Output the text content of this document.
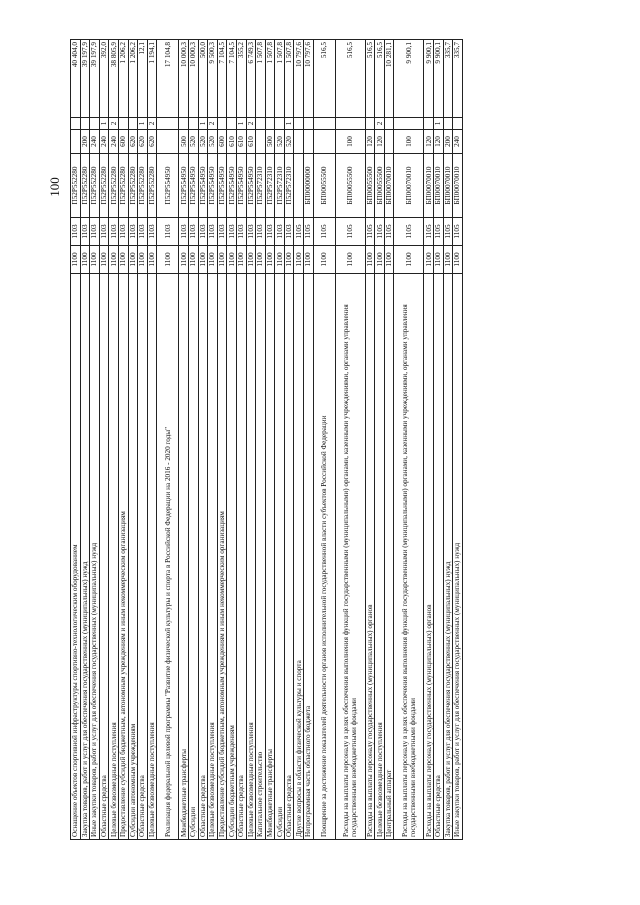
100
Оснащение объектов спортивной инфраструктуры спортивно-технологическим оборудованием	1100	1103	П52Р552280			40 404,0
Закупка товаров, работ и услуг для обеспечения государственных (муниципальных) нужд	1100	1103	П52Р552280	200		39 197,9
Иные закупки товаров, работ и услуг для обеспечения государственных (муниципальных) нужд	1100	1103	П52Р552280	240		39 197,9
Областные средства	1100	1103	П52Р552280	240	1	392,0
Целевые безвозмездные поступления	1100	1103	П52Р552280	240	2	38 805,9
Предоставление субсидий бюджетным, автономным учреждениям и иным некоммерческим организациям	1100	1103	П52Р552280	600		1 206,2
Субсидии автономным учреждениям	1100	1103	П52Р552280	620		1 206,2
Областные средства	1100	1103	П52Р552280	620	1	12,1
Целевые безвозмездные поступления	1100	1103	П52Р552280	620	2	1 194,1
Реализация федеральной целевой программы "Развитие физической культуры и спорта в Российской Федерации на 2016 - 2020 годы"	1100	1103	П52Р554950			17 104,8
Межбюджетные трансферты	1100	1103	П52Р554950	500		10 000,3
Субсидии	1100	1103	П52Р554950	520		10 000,3
Областные средства	1100	1103	П52Р554950	520	1	500,0
Целевые безвозмездные поступления	1100	1103	П52Р554950	520	2	9 500,3
Предоставление субсидий бюджетным, автономным учреждениям и иным некоммерческим организациям	1100	1103	П52Р554950	600		7 104,5
Субсидии бюджетным учреждениям	1100	1103	П52Р554950	610		7 104,5
Областные средства	1100	1103	П52Р554950	610	1	355,2
Целевые безвозмездные поступления	1100	1103	П52Р554950	610	2	6 749,3
Капитальное строительство	1100	1103	П52Р572310			1 507,8
Межбюджетные трансферты	1100	1103	П52Р572310	500		1 507,8
Субсидии	1100	1103	П52Р572310	520		1 507,8
Областные средства	1100	1103	П52Р572310	520	1	1 507,8
Другие вопросы в области физической культуры и спорта	1100	1105				10 797,6
Непрограммная часть областного бюджета	1100	1105	БП00000000			10 797,6
Поощрение за достижение показателей деятельности органов исполнительной государственной власти субъектов Российской Федерации	1100	1105	БП00055500			516,5
Расходы на выплаты персоналу в целях обеспечения выполнения функций государственными (муниципальными) органами, казенными учреждениями, органами управления государственными внебюджетными фондами	1100	1105	БП00055500	100		516,5
Расходы на выплаты персоналу государственных (муниципальных) органов	1100	1105	БП00055500	120		516,5
Целевые безвозмездные поступления	1100	1105	БП00055500	120	2	516,5
Центральный аппарат	1100	1105	БП00070010			10 281,1
Расходы на выплаты персоналу в целях обеспечения выполнения функций государственными (муниципальными) органами, казенными учреждениями, органами управления государственными внебюджетными фондами	1100	1105	БП00070010	100		9 900,1
Расходы на выплаты персоналу государственных (муниципальных) органов	1100	1105	БП00070010	120		9 900,1
Областные средства	1100	1105	БП00070010	120	1	9 900,1
Закупка товаров, работ и услуг для обеспечения государственных (муниципальных) нужд	1100	1105	БП00070010	200		335,7
Иные закупки товаров, работ и услуг для обеспечения государственных (муниципальных) нужд	1100	1105	БП00070010	240		335,7
